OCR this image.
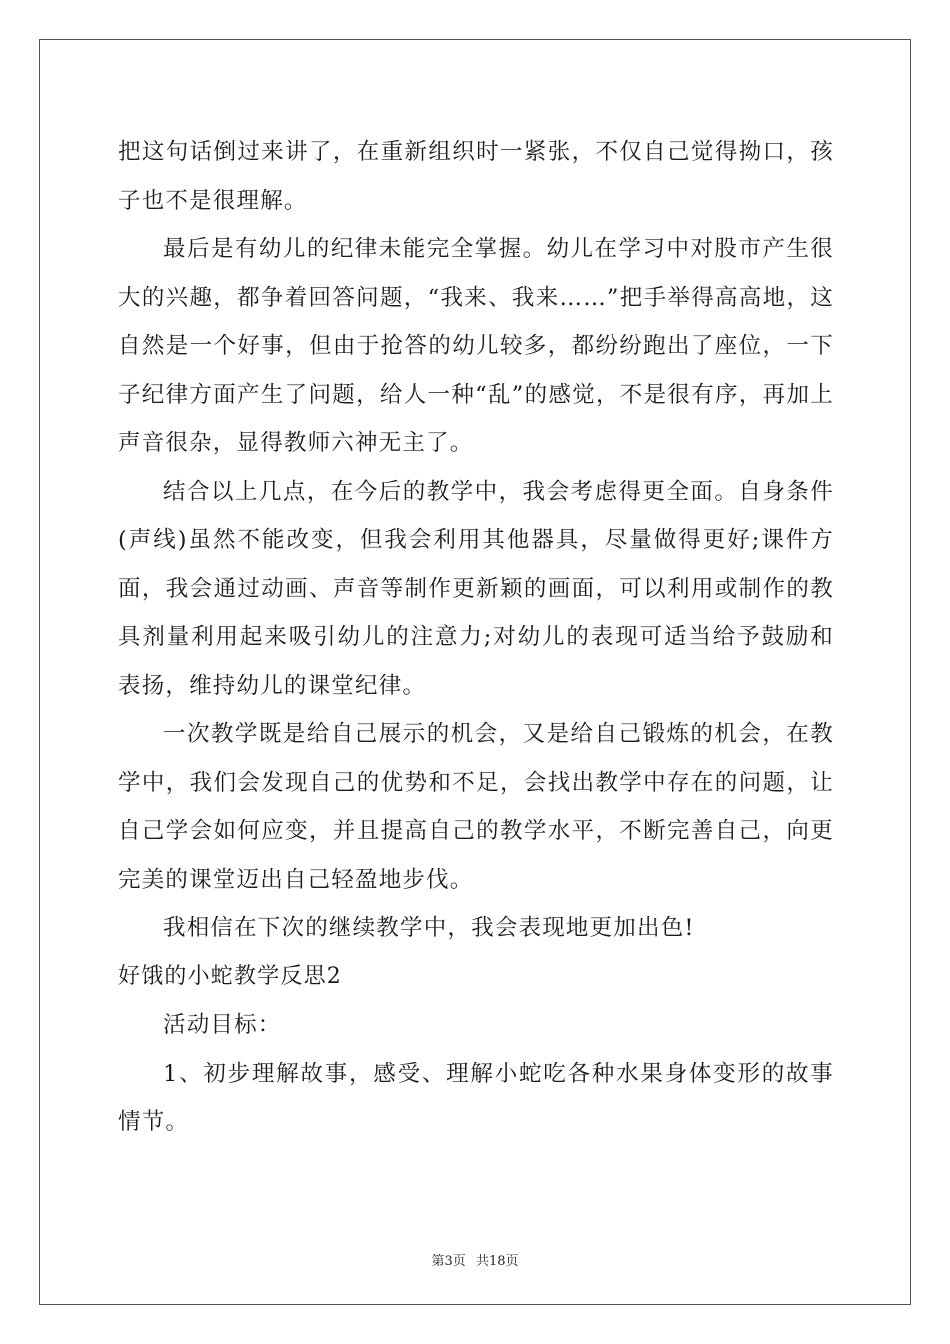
把这句话倒过来讲了，在重新组织时一紧张，不仅自己觉得拗口，孩子也不是很理解。

最后是有幼儿的纪律未能完全掌握。幼儿在学习中对股市产生很大的兴趣，都争着回答问题，“我来、我来……”把手举得高高地，这自然是一个好事，但由于抢答的幼儿较多，都纷纷跑出了座位，一下子纪律方面产生了问题，给人一种“乱”的感觉，不是很有序，再加上声音很杂，显得教师六神无主了。

结合以上几点，在今后的教学中，我会考虑得更全面。自身条件(声线)虽然不能改变，但我会利用其他器具，尽量做得更好;课件方面，我会通过动画、声音等制作更新颖的画面，可以利用或制作的教具剂量利用起来吸引幼儿的注意力;对幼儿的表现可适当给予鼓励和表扬，维持幼儿的课堂纪律。

一次教学既是给自己展示的机会，又是给自己锻炼的机会，在教学中，我们会发现自己的优势和不足，会找出教学中存在的问题，让自己学会如何应变，并且提高自己的教学水平，不断完善自己，向更完美的课堂迈出自己轻盈地步伐。

我相信在下次的继续教学中，我会表现地更加出色!

好饿的小蛇教学反思2

活动目标：

1、初步理解故事，感受、理解小蛇吃各种水果身体变形的故事情节。

第3页 共18页
